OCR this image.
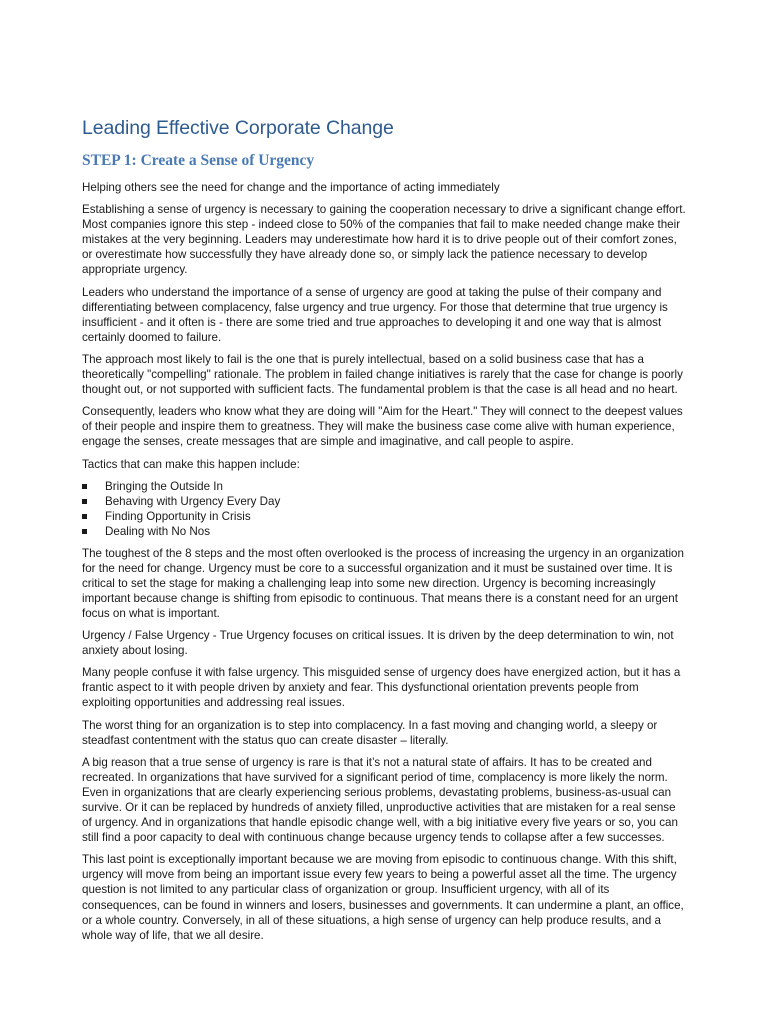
Leading Effective Corporate Change
STEP 1: Create a Sense of Urgency

Helping others see the need for change and the importance of acting immediately

Establishing a sense of urgency is necessary to gaining the cooperation necessary to drive a significant change effort. Most companies ignore this step - indeed close to 50% of the companies that fail to make needed change make their mistakes at the very beginning. Leaders may underestimate how hard it is to drive people out of their comfort zones, or overestimate how successfully they have already done so, or simply lack the patience necessary to develop appropriate urgency.

Leaders who understand the importance of a sense of urgency are good at taking the pulse of their company and differentiating between complacency, false urgency and true urgency. For those that determine that true urgency is insufficient - and it often is - there are some tried and true approaches to developing it and one way that is almost certainly doomed to failure.

The approach most likely to fail is the one that is purely intellectual, based on a solid business case that has a theoretically "compelling" rationale. The problem in failed change initiatives is rarely that the case for change is poorly thought out, or not supported with sufficient facts. The fundamental problem is that the case is all head and no heart.

Consequently, leaders who know what they are doing will "Aim for the Heart." They will connect to the deepest values of their people and inspire them to greatness. They will make the business case come alive with human experience, engage the senses, create messages that are simple and imaginative, and call people to aspire.

Tactics that can make this happen include:

Bringing the Outside In
Behaving with Urgency Every Day
Finding Opportunity in Crisis
Dealing with No Nos

The toughest of the 8 steps and the most often overlooked is the process of increasing the urgency in an organization for the need for change. Urgency must be core to a successful organization and it must be sustained over time. It is critical to set the stage for making a challenging leap into some new direction. Urgency is becoming increasingly important because change is shifting from episodic to continuous. That means there is a constant need for an urgent focus on what is important.

Urgency / False Urgency - True Urgency focuses on critical issues. It is driven by the deep determination to win, not anxiety about losing.

Many people confuse it with false urgency. This misguided sense of urgency does have energized action, but it has a frantic aspect to it with people driven by anxiety and fear. This dysfunctional orientation prevents people from exploiting opportunities and addressing real issues.

The worst thing for an organization is to step into complacency. In a fast moving and changing world, a sleepy or steadfast contentment with the status quo can create disaster – literally.

A big reason that a true sense of urgency is rare is that it’s not a natural state of affairs. It has to be created and recreated. In organizations that have survived for a significant period of time, complacency is more likely the norm. Even in organizations that are clearly experiencing serious problems, devastating problems, business-as-usual can survive. Or it can be replaced by hundreds of anxiety filled, unproductive activities that are mistaken for a real sense of urgency. And in organizations that handle episodic change well, with a big initiative every five years or so, you can still find a poor capacity to deal with continuous change because urgency tends to collapse after a few successes.

This last point is exceptionally important because we are moving from episodic to continuous change. With this shift, urgency will move from being an important issue every few years to being a powerful asset all the time. The urgency question is not limited to any particular class of organization or group. Insufficient urgency, with all of its consequences, can be found in winners and losers, businesses and governments. It can undermine a plant, an office, or a whole country. Conversely, in all of these situations, a high sense of urgency can help produce results, and a whole way of life, that we all desire.
